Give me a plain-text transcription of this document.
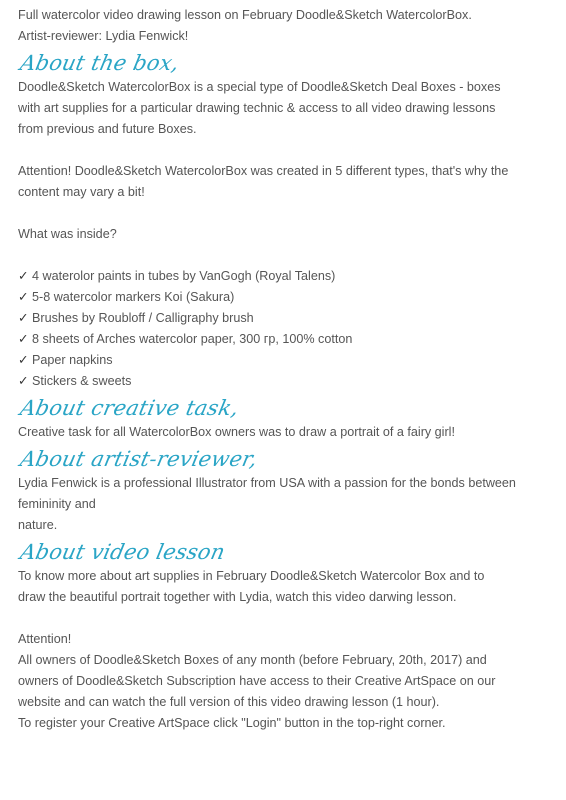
Full watercolor video drawing lesson on February Doodle&Sketch WatercolorBox.

Artist-reviewer: Lydia Fenwick!

About the box,

Doodle&Sketch WatercolorBox is a special type of Doodle&Sketch Deal Boxes - boxes

with art supplies for a particular drawing technic & access to all video drawing lessons

from previous and future Boxes.

Attention! Doodle&Sketch WatercolorBox was created in 5 different types, that's why the

content may vary a bit!

What was inside?

✓ 4 waterolor paints in tubes by VanGogh (Royal Talens)
✓ 5-8 watercolor markers Koi (Sakura)
✓ Brushes by Roubloff / Calligraphy brush
✓ 8 sheets of Arches watercolor paper, 300 гр, 100% cotton
✓ Paper napkins
✓ Stickers & sweets
About creative task,

Creative task for all WatercolorBox owners was to draw a portrait of a fairy girl!

About artist-reviewer,

Lydia Fenwick is a professional Illustrator from USA with a passion for the bonds between

femininity and

nature.

About video lesson

To know more about art supplies in February Doodle&Sketch Watercolor Box and to

draw the beautiful portrait together with Lydia, watch this video darwing lesson.

Attention!

All owners of Doodle&Sketch Boxes of any month (before February, 20th, 2017) and

owners of Doodle&Sketch Subscription have access to their Creative ArtSpace on our

website and can watch the full version of this video drawing lesson (1 hour).

To register your Creative ArtSpace click "Login" button in the top-right corner.
